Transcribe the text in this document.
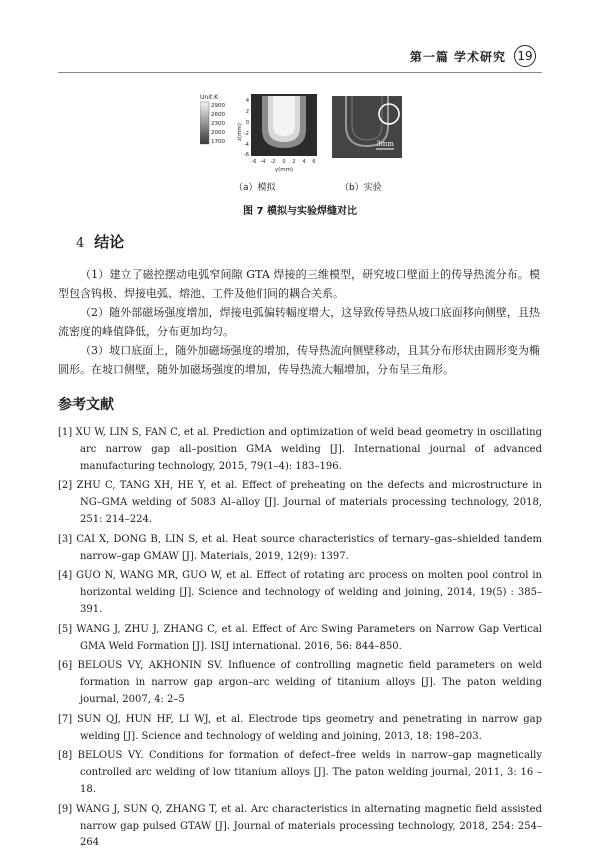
第一篇 学术研究 19
Unit:K
2900
2600
2300
2000
1700
z(mm)
4
2
0
-2
-4
-6
-6 -4 -2 0 2 4 6
y(mm)
3mm
（a）模拟	（b）实验
图 7 模拟与实验焊缝对比
4 结论
（1）建立了磁控摆动电弧窄间隙 GTA 焊接的三维模型，研究坡口壁面上的传导热流分布。模型包含钨极、焊接电弧、熔池、工件及他们间的耦合关系。
（2）随外部磁场强度增加，焊接电弧偏转幅度增大，这导致传导热从坡口底面移向侧壁，且热流密度的峰值降低，分布更加均匀。
（3）坡口底面上，随外加磁场强度的增加，传导热流向侧壁移动，且其分布形状由圆形变为椭圆形。在坡口侧壁，随外加磁场强度的增加，传导热流大幅增加，分布呈三角形。
参考文献
[1] XU W, LIN S, FAN C, et al. Prediction and optimization of weld bead geometry in oscillating arc narrow gap all–position GMA welding [J]. International journal of advanced manufacturing technology, 2015, 79(1–4): 183–196.
[2] ZHU C, TANG XH, HE Y, et al. Effect of preheating on the defects and microstructure in NG–GMA welding of 5083 Al–alloy [J]. Journal of materials processing technology, 2018, 251: 214–224.
[3] CAI X, DONG B, LIN S, et al. Heat source characteristics of ternary–gas–shielded tandem narrow–gap GMAW [J]. Materials, 2019, 12(9): 1397.
[4] GUO N, WANG MR, GUO W, et al. Effect of rotating arc process on molten pool control in horizontal welding [J]. Science and technology of welding and joining, 2014, 19(5) : 385–391.
[5] WANG J, ZHU J, ZHANG C, et al. Effect of Arc Swing Parameters on Narrow Gap Vertical GMA Weld Formation [J]. ISIJ international. 2016, 56: 844–850.
[6] BELOUS VY, AKHONIN SV. Influence of controlling magnetic field parameters on weld formation in narrow gap argon–arc welding of titanium alloys [J]. The paton welding journal, 2007, 4: 2–5
[7] SUN QJ, HUN HF, LI WJ, et al. Electrode tips geometry and penetrating in narrow gap welding [J]. Science and technology of welding and joining, 2013, 18: 198–203.
[8] BELOUS VY. Conditions for formation of defect–free welds in narrow–gap magnetically controlled arc welding of low titanium alloys [J]. The paton welding journal, 2011, 3: 16 –18.
[9] WANG J, SUN Q, ZHANG T, et al. Arc characteristics in alternating magnetic field assisted narrow gap pulsed GTAW [J]. Journal of materials processing technology, 2018, 254: 254–264
